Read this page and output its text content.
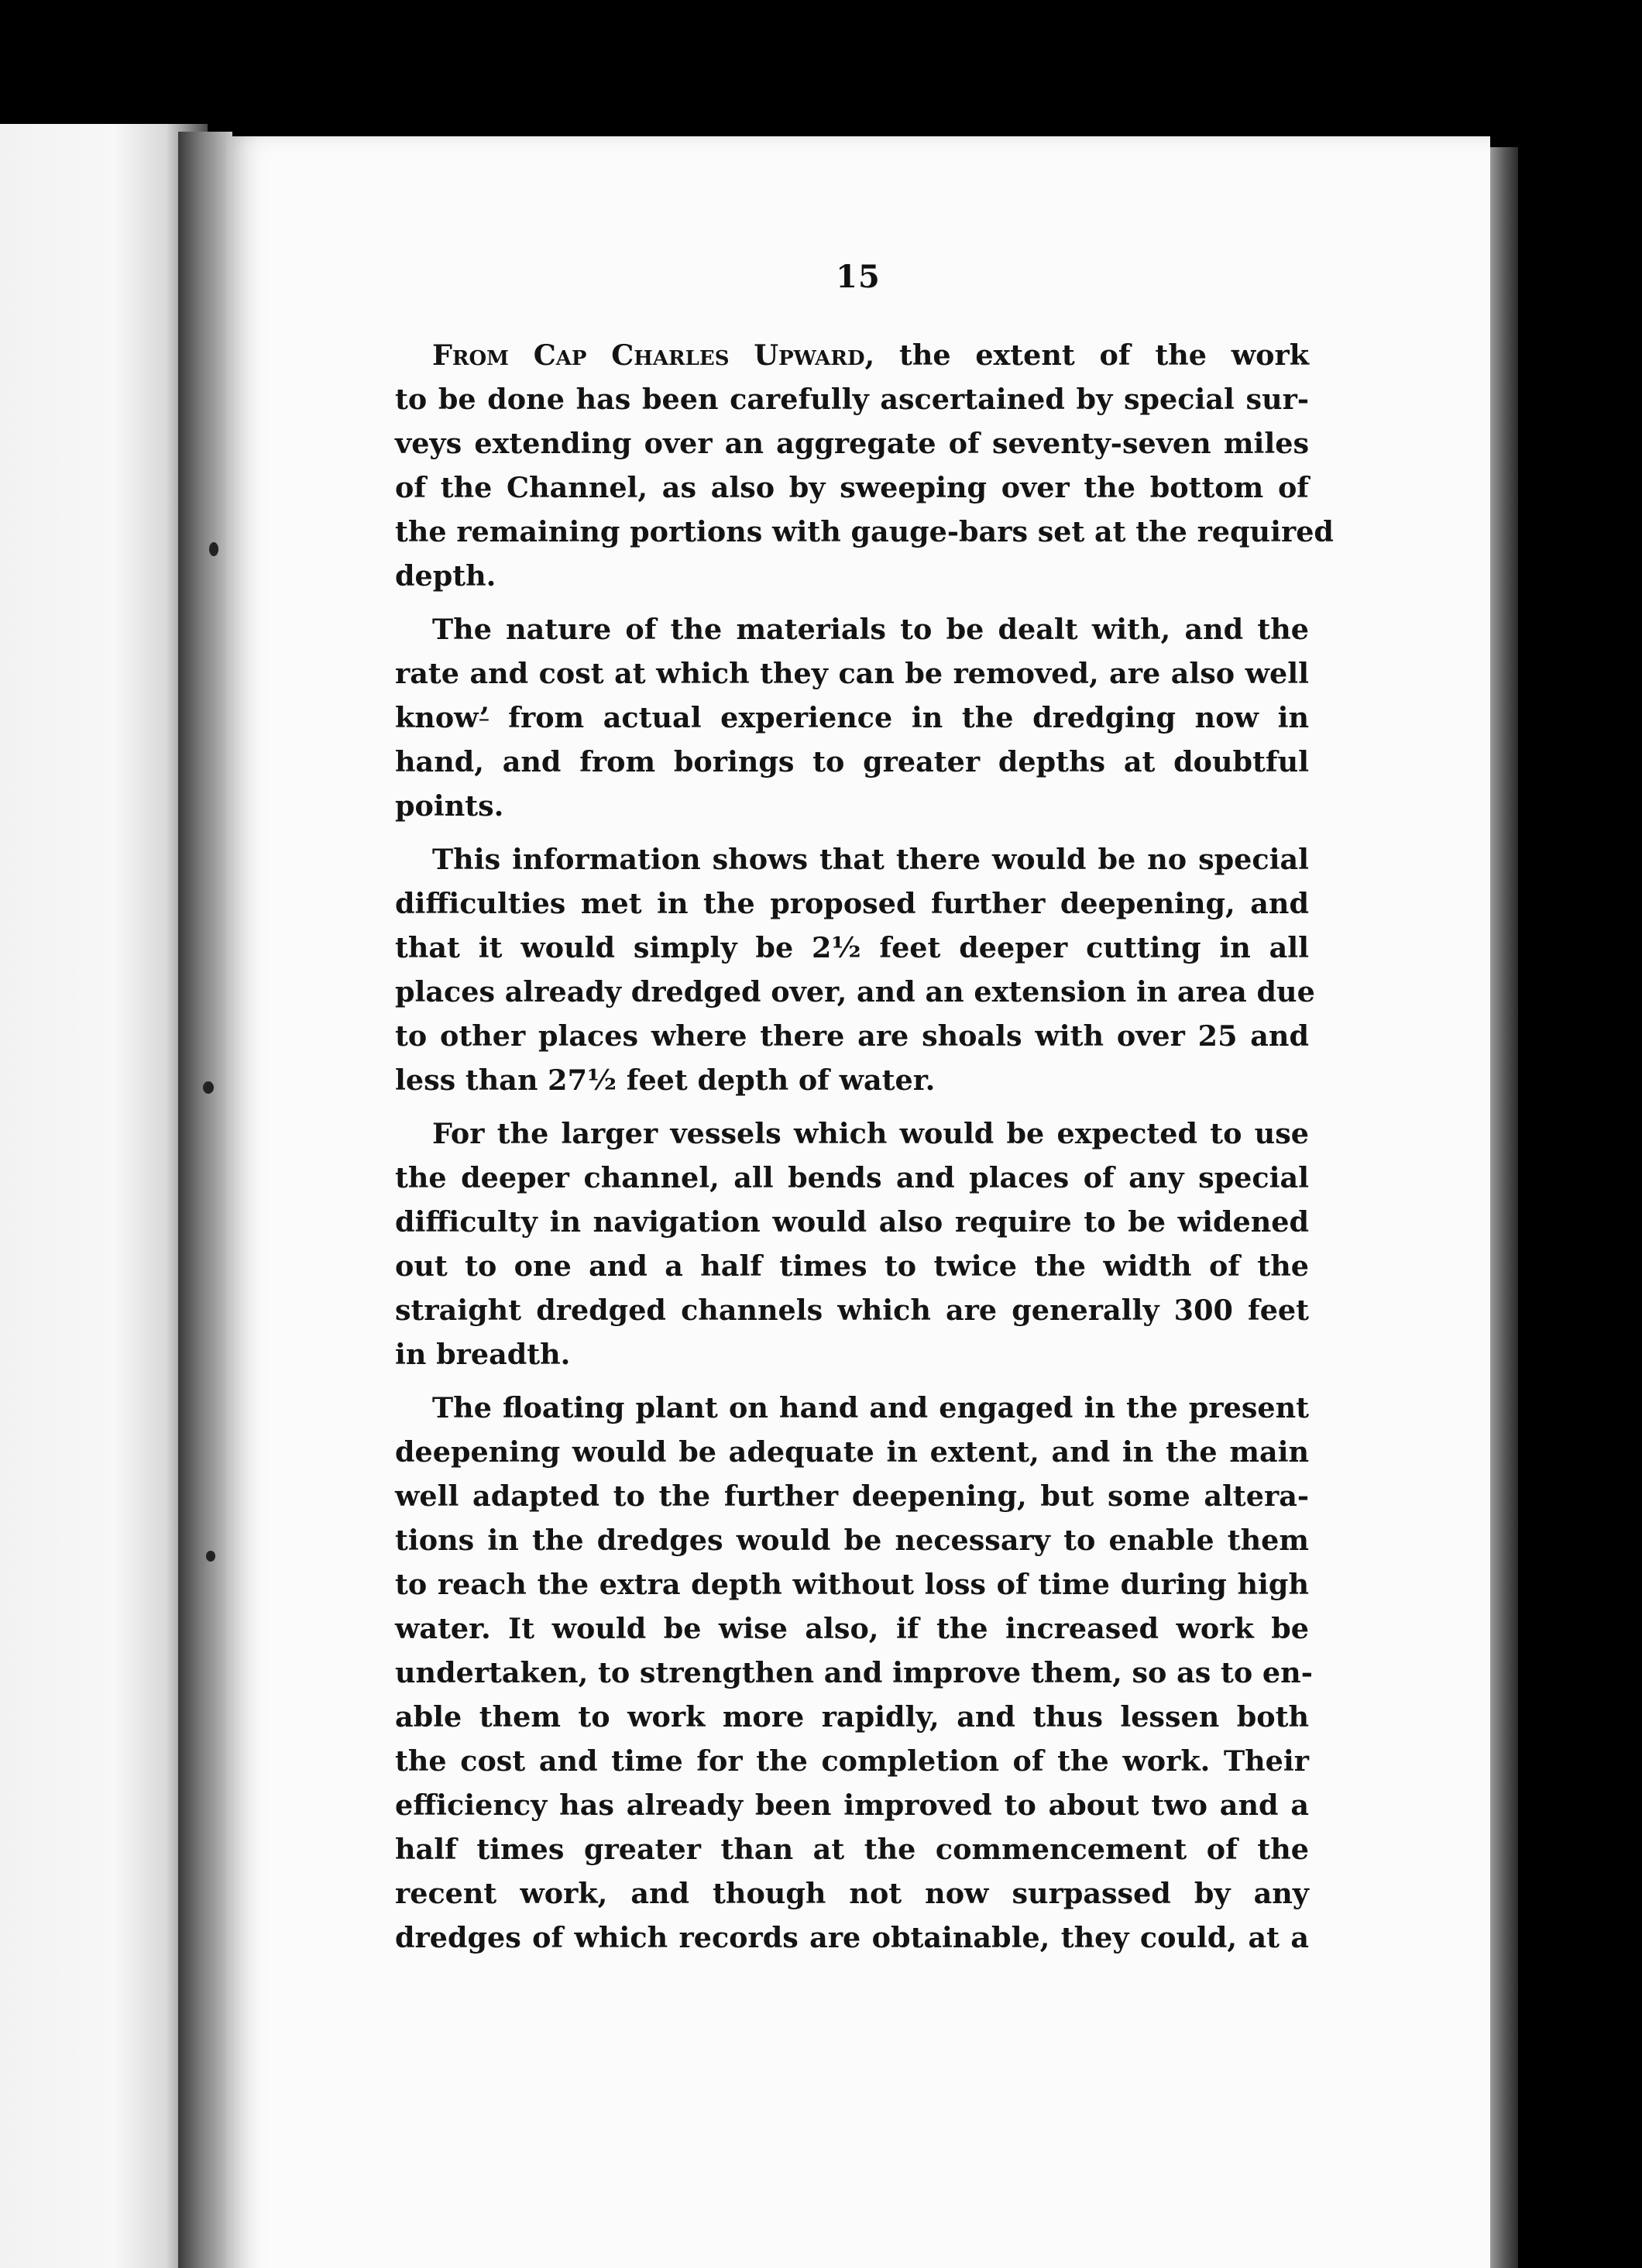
15

From Cap Charles Upward, the extent of the work
to be done has been carefully ascertained by special sur-
veys extending over an aggregate of seventy-seven miles
of the Channel, as also by sweeping over the bottom of
the remaining portions with gauge-bars set at the required
depth.

The nature of the materials to be dealt with, and the
rate and cost at which they can be removed, are also well
know’̵ from actual experience in the dredging now in
hand, and from borings to greater depths at doubtful
points.

This information shows that there would be no special
difficulties met in the proposed further deepening, and
that it would simply be 2½ feet deeper cutting in all
places already dredged over, and an extension in area due
to other places where there are shoals with over 25 and
less than 27½ feet depth of water.

For the larger vessels which would be expected to use
the deeper channel, all bends and places of any special
difficulty in navigation would also require to be widened
out to one and a half times to twice the width of the
straight dredged channels which are generally 300 feet
in breadth.

The floating plant on hand and engaged in the present
deepening would be adequate in extent, and in the main
well adapted to the further deepening, but some altera-
tions in the dredges would be necessary to enable them
to reach the extra depth without loss of time during high
water. It would be wise also, if the increased work be
undertaken, to strengthen and improve them, so as to en-
able them to work more rapidly, and thus lessen both
the cost and time for the completion of the work. Their
efficiency has already been improved to about two and a
half times greater than at the commencement of the
recent work, and though not now surpassed by any
dredges of which records are obtainable, they could, at a
